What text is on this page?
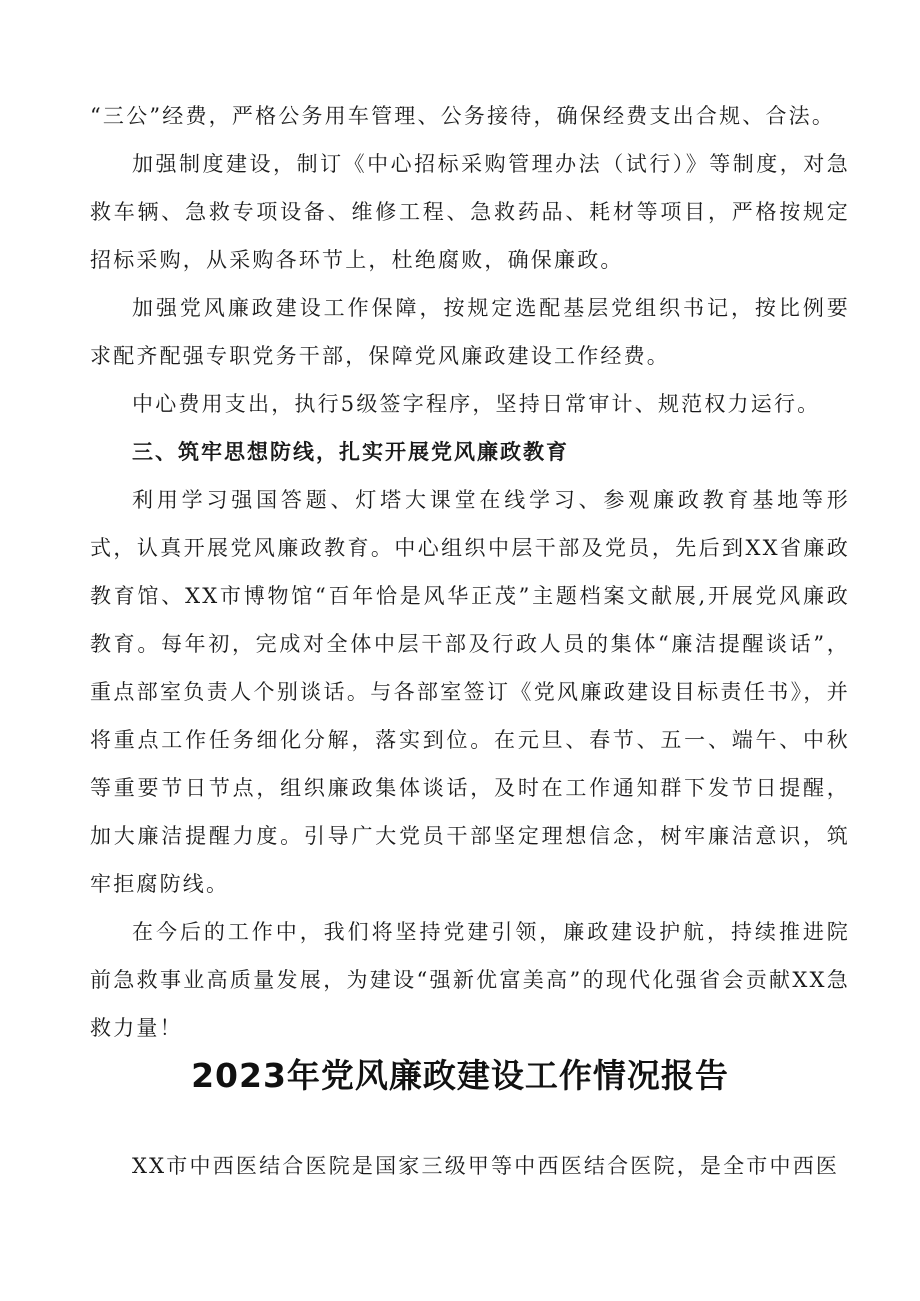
“三公”经费，严格公务用车管理、公务接待，确保经费支出合规、合法。

加强制度建设，制订《中心招标采购管理办法（试行）》等制度，对急救车辆、急救专项设备、维修工程、急救药品、耗材等项目，严格按规定招标采购，从采购各环节上，杜绝腐败，确保廉政。

加强党风廉政建设工作保障，按规定选配基层党组织书记，按比例要求配齐配强专职党务干部，保障党风廉政建设工作经费。

中心费用支出，执行5级签字程序，坚持日常审计、规范权力运行。

三、筑牢思想防线，扎实开展党风廉政教育

利用学习强国答题、灯塔大课堂在线学习、参观廉政教育基地等形式，认真开展党风廉政教育。中心组织中层干部及党员，先后到XX省廉政教育馆、XX市博物馆“百年恰是风华正茂”主题档案文献展,开展党风廉政教育。每年初，完成对全体中层干部及行政人员的集体“廉洁提醒谈话”，重点部室负责人个别谈话。与各部室签订《党风廉政建设目标责任书》，并将重点工作任务细化分解，落实到位。在元旦、春节、五一、端午、中秋等重要节日节点，组织廉政集体谈话，及时在工作通知群下发节日提醒，加大廉洁提醒力度。引导广大党员干部坚定理想信念，树牢廉洁意识，筑牢拒腐防线。

在今后的工作中，我们将坚持党建引领，廉政建设护航，持续推进院前急救事业高质量发展，为建设“强新优富美高”的现代化强省会贡献XX急救力量！

2023年党风廉政建设工作情况报告

XX市中西医结合医院是国家三级甲等中西医结合医院，是全市中西医
